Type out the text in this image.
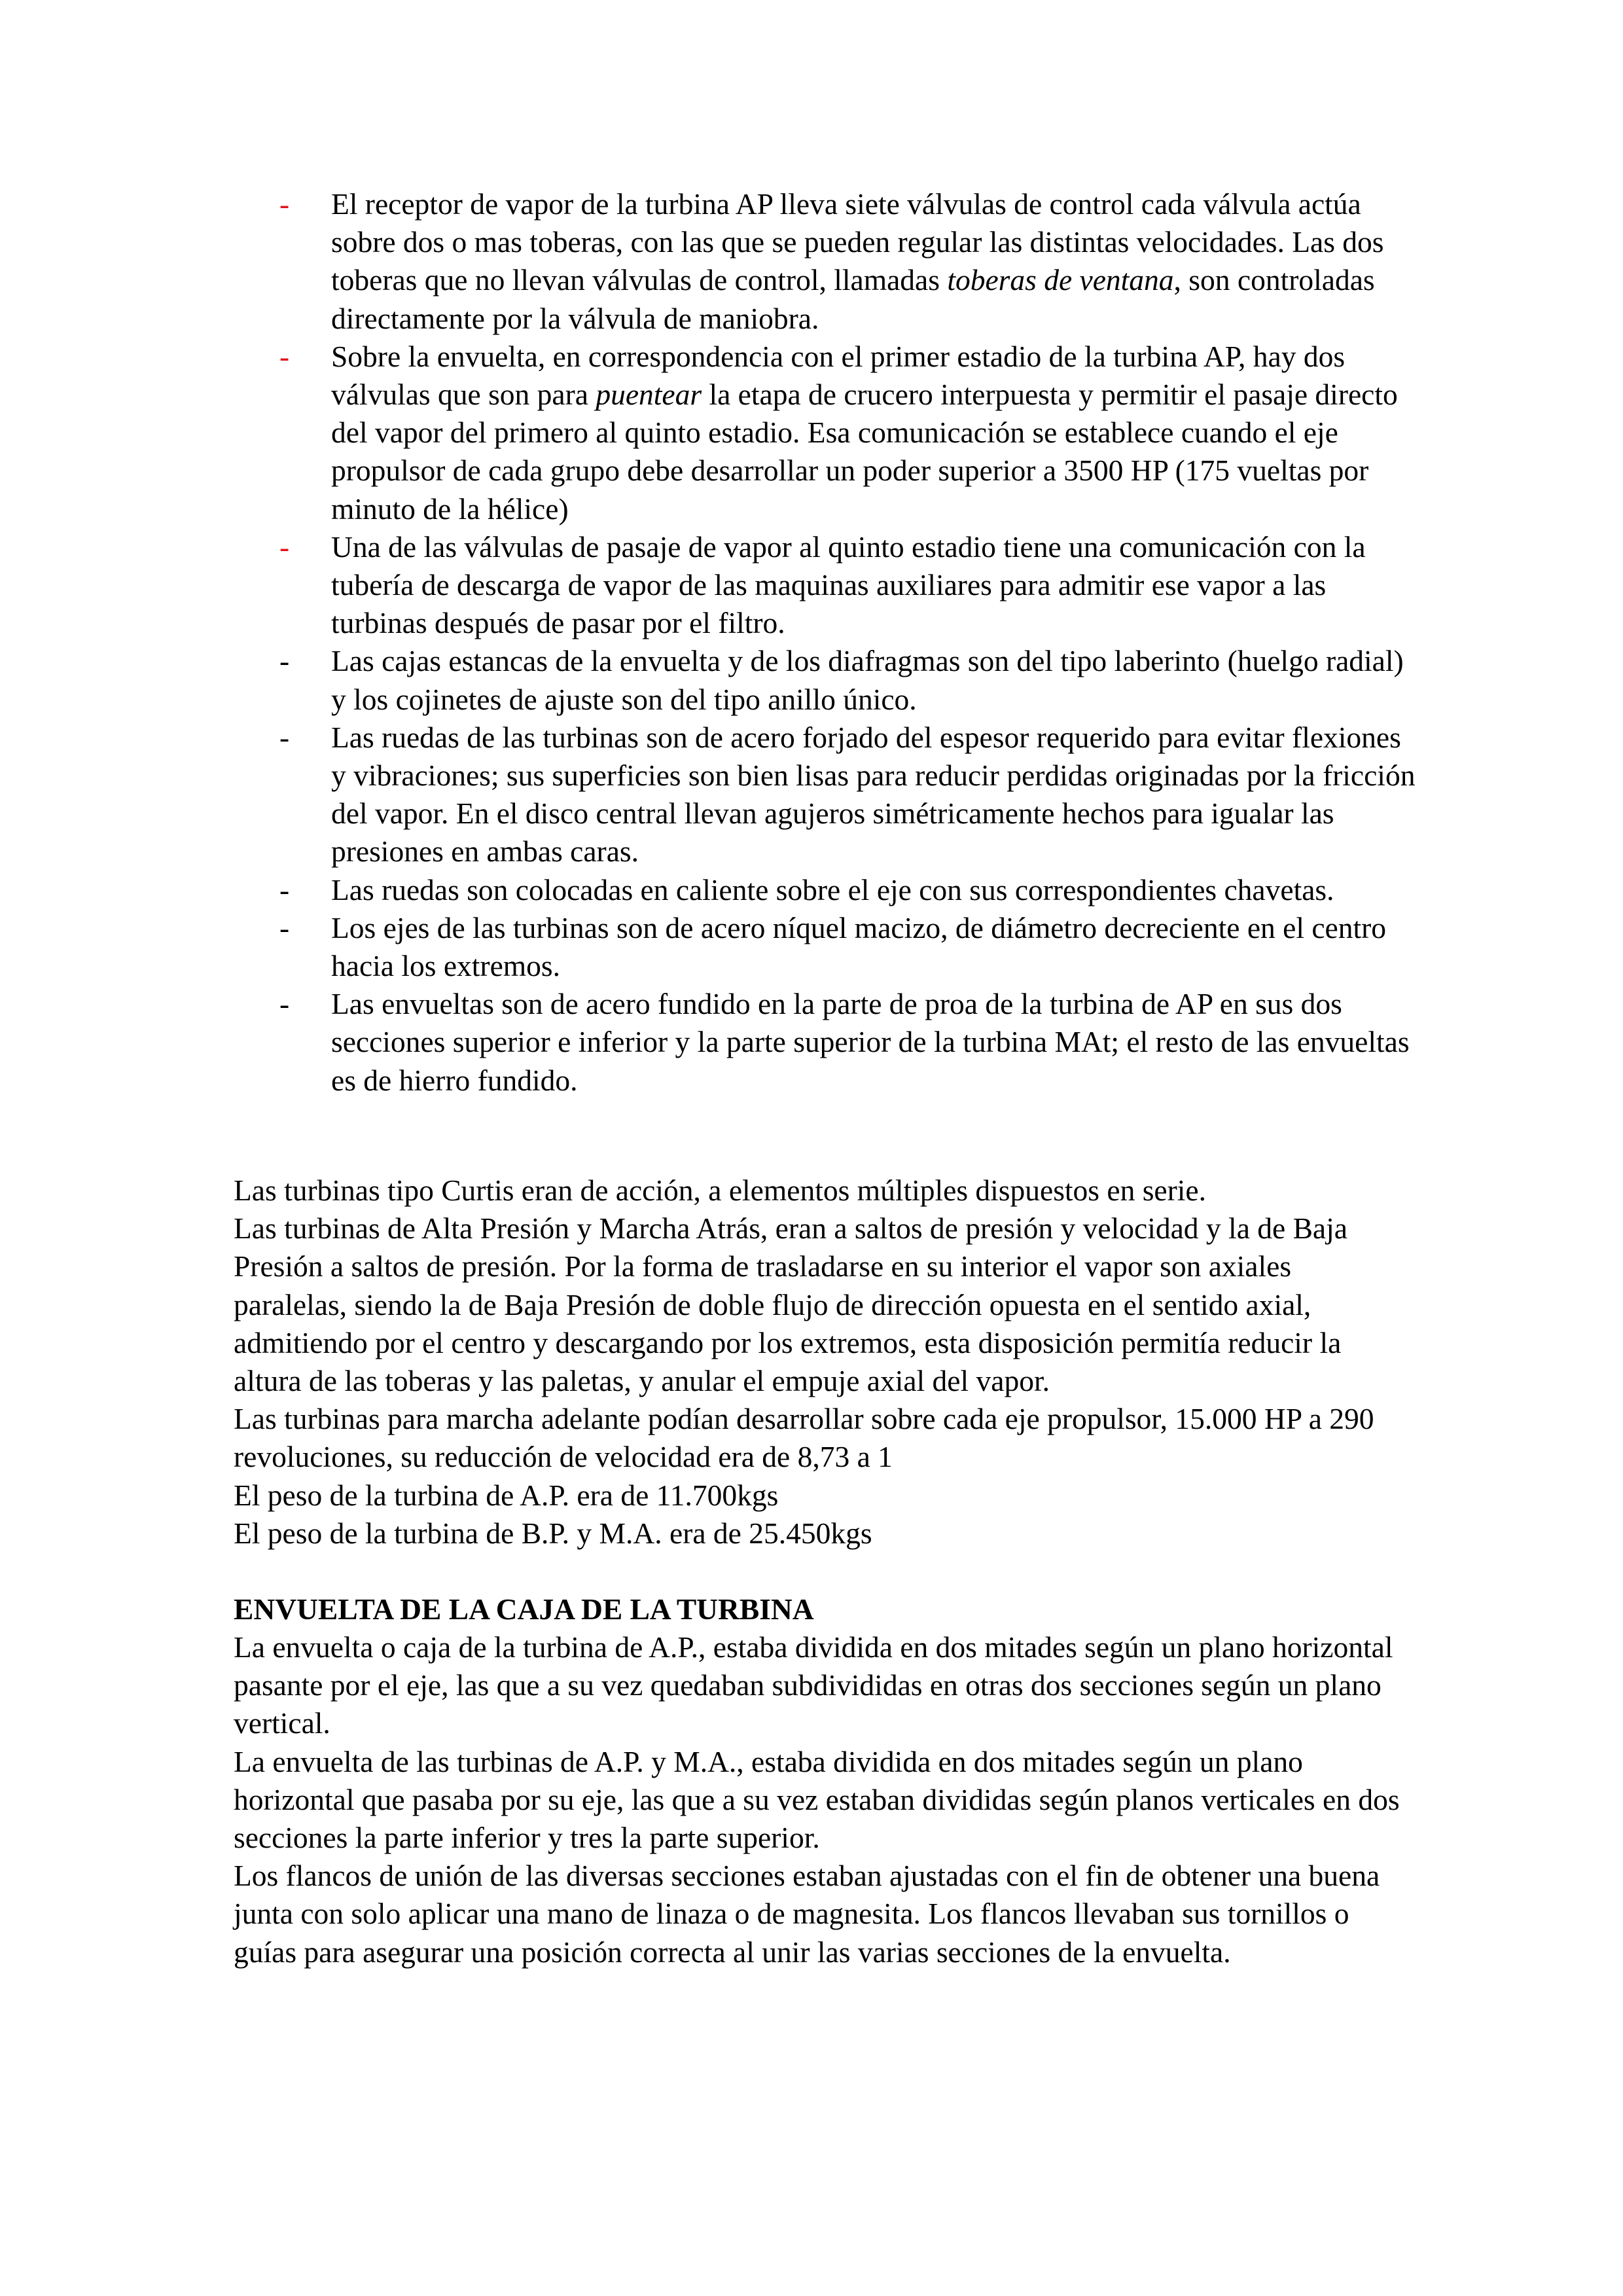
-	El receptor de vapor de la turbina AP lleva siete válvulas de control cada válvula actúa sobre dos o mas toberas, con las que se pueden regular las distintas velocidades. Las dos toberas que no llevan válvulas de control, llamadas toberas de ventana, son controladas directamente por la válvula de maniobra.
-	Sobre la envuelta, en correspondencia con el primer estadio de la turbina AP, hay dos válvulas que son para puentear la etapa de crucero interpuesta y permitir el pasaje directo del vapor del primero al quinto estadio. Esa comunicación se establece cuando el eje propulsor de cada grupo debe desarrollar un poder superior a 3500 HP (175 vueltas por minuto de la hélice)
-	Una de las válvulas de pasaje de vapor al quinto estadio tiene una comunicación con la tubería de descarga de vapor de las maquinas auxiliares para admitir ese vapor a las turbinas después de pasar por el filtro.
-	Las cajas estancas de la envuelta y de los diafragmas son del tipo laberinto (huelgo radial) y los cojinetes de ajuste son del tipo anillo único.
-	Las ruedas de las turbinas son de acero forjado del espesor requerido para evitar flexiones y vibraciones; sus superficies son bien lisas para reducir perdidas originadas por la fricción del vapor. En el disco central llevan agujeros simétricamente hechos para igualar las presiones en ambas caras.
-	Las ruedas son colocadas en caliente sobre el eje con sus correspondientes chavetas.
-	Los ejes de las turbinas son de acero níquel macizo, de diámetro decreciente en el centro hacia los extremos.
-	Las envueltas son de acero fundido en la parte de proa de la turbina de AP en sus dos secciones superior e inferior y la parte superior de la turbina MAt; el resto de las envueltas es de hierro fundido.

Las turbinas tipo Curtis eran de acción, a elementos múltiples dispuestos en serie.

Las turbinas de Alta Presión y Marcha Atrás, eran a saltos de presión y velocidad y la de Baja Presión a saltos de presión. Por la forma de trasladarse en su interior el vapor son axiales paralelas, siendo la de Baja Presión de doble flujo de dirección opuesta en el sentido axial, admitiendo por el centro y descargando por los extremos, esta disposición permitía reducir la altura de las toberas y las paletas, y anular el empuje axial del vapor.

Las turbinas para marcha adelante podían desarrollar sobre cada eje propulsor, 15.000 HP a 290 revoluciones, su reducción de velocidad era de 8,73 a 1

El peso de la turbina de A.P. era de 11.700kgs

El peso de la turbina de B.P. y M.A. era de 25.450kgs

ENVUELTA DE LA CAJA DE LA TURBINA

La envuelta o caja de la turbina de A.P., estaba dividida en dos mitades según un plano horizontal pasante por el eje, las que a su vez quedaban subdivididas en otras dos secciones según un plano vertical.

La envuelta de las turbinas de A.P. y M.A., estaba dividida en dos mitades según un plano horizontal que pasaba por su eje, las que a su vez estaban divididas según planos verticales en dos secciones la parte inferior y tres la parte superior.

Los flancos de unión de las diversas secciones estaban ajustadas con el fin de obtener una buena junta con solo aplicar una mano de linaza o de magnesita. Los flancos llevaban sus tornillos o guías para asegurar una posición correcta al unir las varias secciones de la envuelta.
